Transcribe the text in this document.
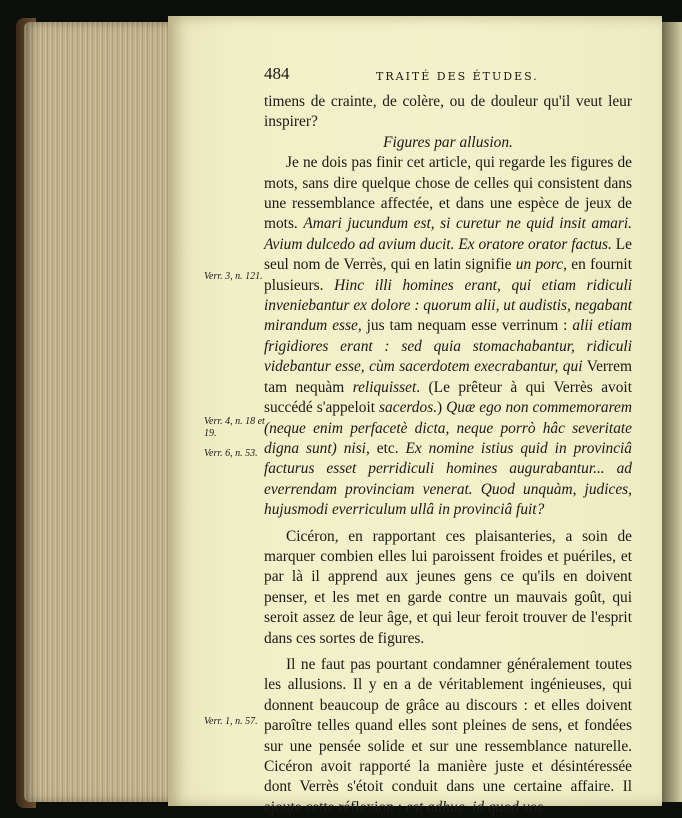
484	TRAITÉ DES ÉTUDES.

timens de crainte, de colère, ou de douleur qu'il veut leur inspirer?

Figures par allusion.

Je ne dois pas finir cet article, qui regarde les figures de mots, sans dire quelque chose de celles qui consistent dans une ressemblance affectée, et dans une espèce de jeux de mots. Amari jucundum est, si curetur ne quid insit amari. Avium dulcedo ad avium ducit. Ex oratore orator factus. Le seul nom de Verrès, qui en latin signifie un porc, en fournit plusieurs. Hinc illi homines erant, qui etiam ridiculi inveniebantur ex dolore : quorum alii, ut audistis, negabant mirandum esse, jus tam nequam esse verrinum : alii etiam frigidiores erant : sed quia stomachabantur, ridiculi videbantur esse, cùm sacerdotem execrabantur, qui Verrem tam nequàm reliquisset. (Le prêteur à qui Verrès avoit succédé s'appeloit sacerdos.) Quæ ego non commemorarem (neque enim perfacetè dicta, neque porrò hâc severitate digna sunt) nisi, etc. Ex nomine istius quid in provinciâ facturus esset perridiculi homines augurabantur... ad everrendam provinciam venerat. Quod unquàm, judices, hujusmodi everriculum ullâ in provinciâ fuit?

Cicéron, en rapportant ces plaisanteries, a soin de marquer combien elles lui paroissent froides et puériles, et par là il apprend aux jeunes gens ce qu'ils en doivent penser, et les met en garde contre un mauvais goût, qui seroit assez de leur âge, et qui leur feroit trouver de l'esprit dans ces sortes de figures.

Il ne faut pas pourtant condamner généralement toutes les allusions. Il y en a de véritablement ingénieuses, qui donnent beaucoup de grâce au discours : et elles doivent paroître telles quand elles sont pleines de sens, et fondées sur une pensée solide et sur une ressemblance naturelle. Cicéron avoit rapporté la manière juste et désintéressée dont Verrès s'étoit conduit dans une certaine affaire. Il ajoute cette réflexion : est adhuc, id quod vos

Verr. 3, n. 121.
Verr. 4, n. 18 et 19.
Verr. 6, n. 53.
Verr. 1, n. 57.
